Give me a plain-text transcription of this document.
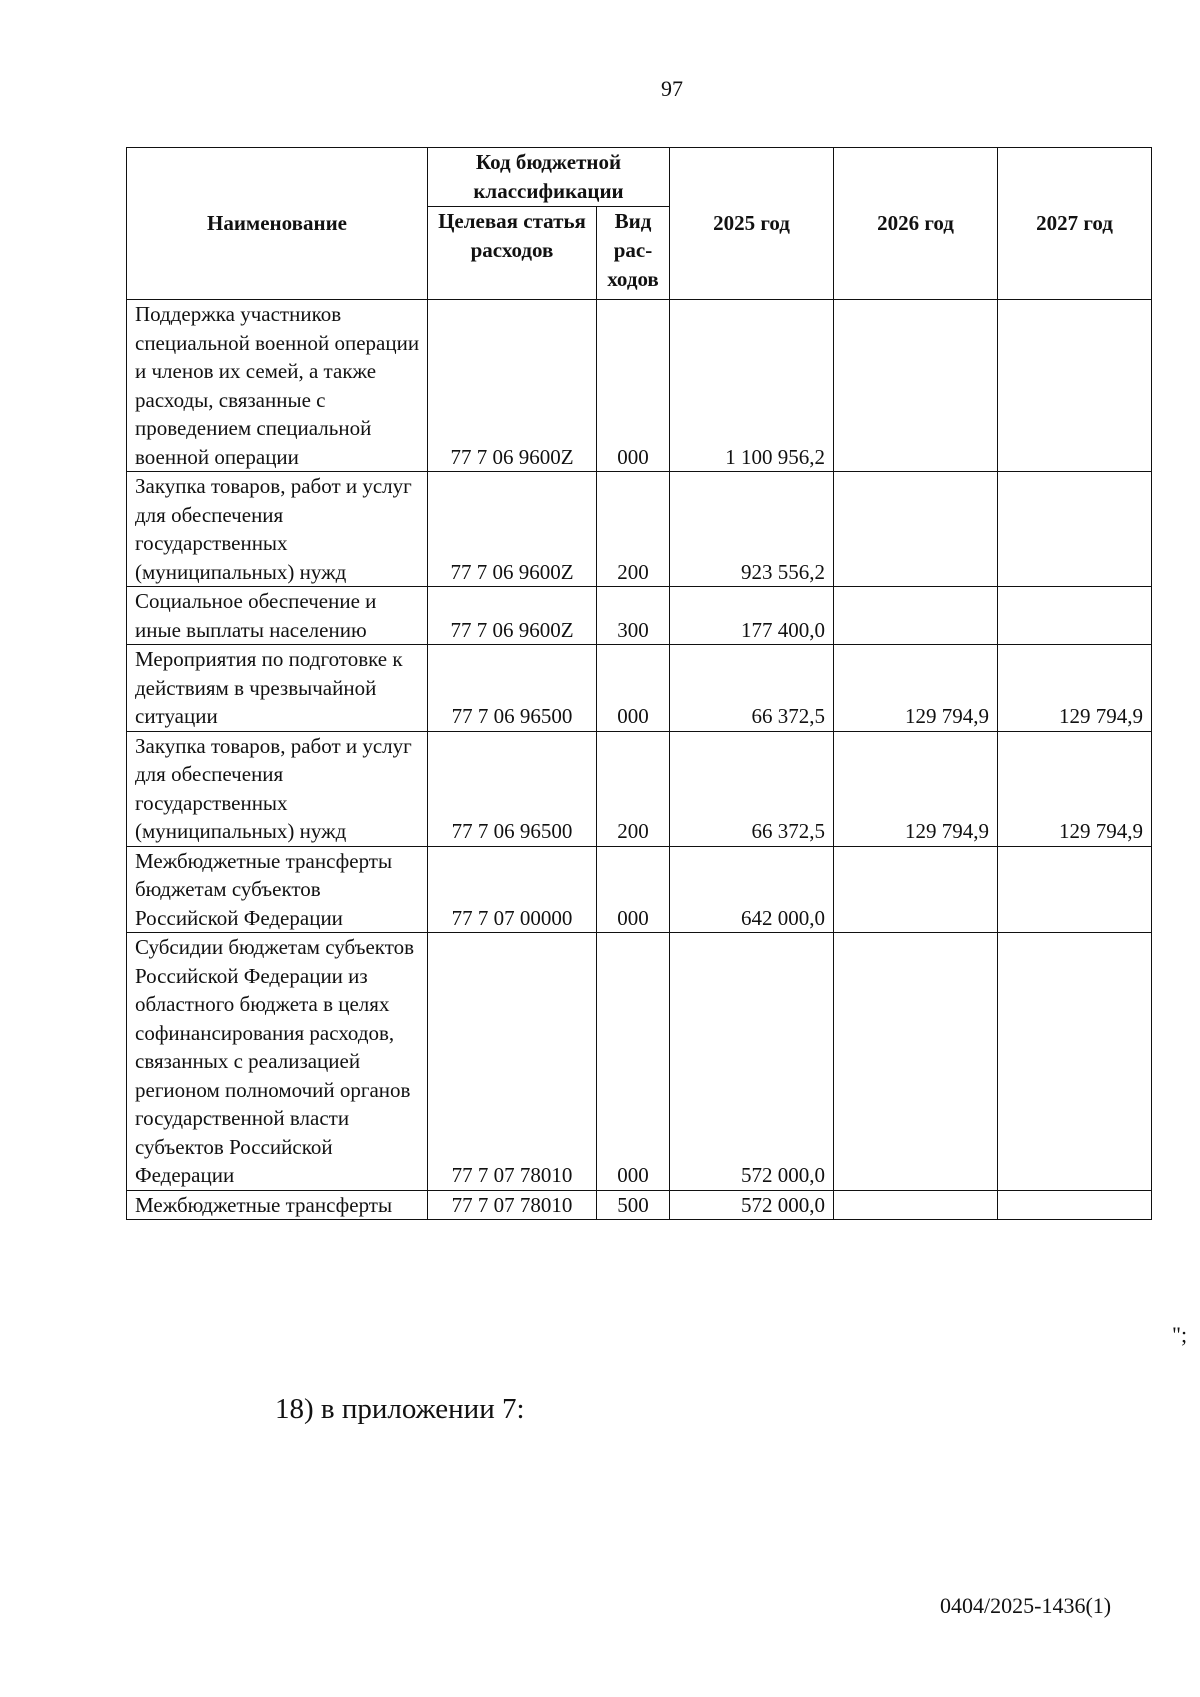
97
Наименование	Код бюджетной классификации		2025 год	2026 год	2027 год
	Целевая статья расходов	Вид рас-ходов			
Поддержка участников специальной военной операции и членов их семей, а также расходы, связанные с проведением специальной военной операции	77 7 06 9600Z	000	1 100 956,2		
Закупка товаров, работ и услуг для обеспечения государственных (муниципальных) нужд	77 7 06 9600Z	200	923 556,2		
Социальное обеспечение и иные выплаты населению	77 7 06 9600Z	300	177 400,0		
Мероприятия по подготовке к действиям в чрезвычайной ситуации	77 7 06 96500	000	66 372,5	129 794,9	129 794,9
Закупка товаров, работ и услуг для обеспечения государственных (муниципальных) нужд	77 7 06 96500	200	66 372,5	129 794,9	129 794,9
Межбюджетные трансферты бюджетам субъектов Российской Федерации	77 7 07 00000	000	642 000,0		
Субсидии бюджетам субъектов Российской Федерации из областного бюджета в целях софинансирования расходов, связанных с реализацией регионом полномочий органов государственной власти субъектов Российской Федерации	77 7 07 78010	000	572 000,0		
Межбюджетные трансферты	77 7 07 78010	500	572 000,0		
";
18) в приложении 7:
0404/2025-1436(1)
